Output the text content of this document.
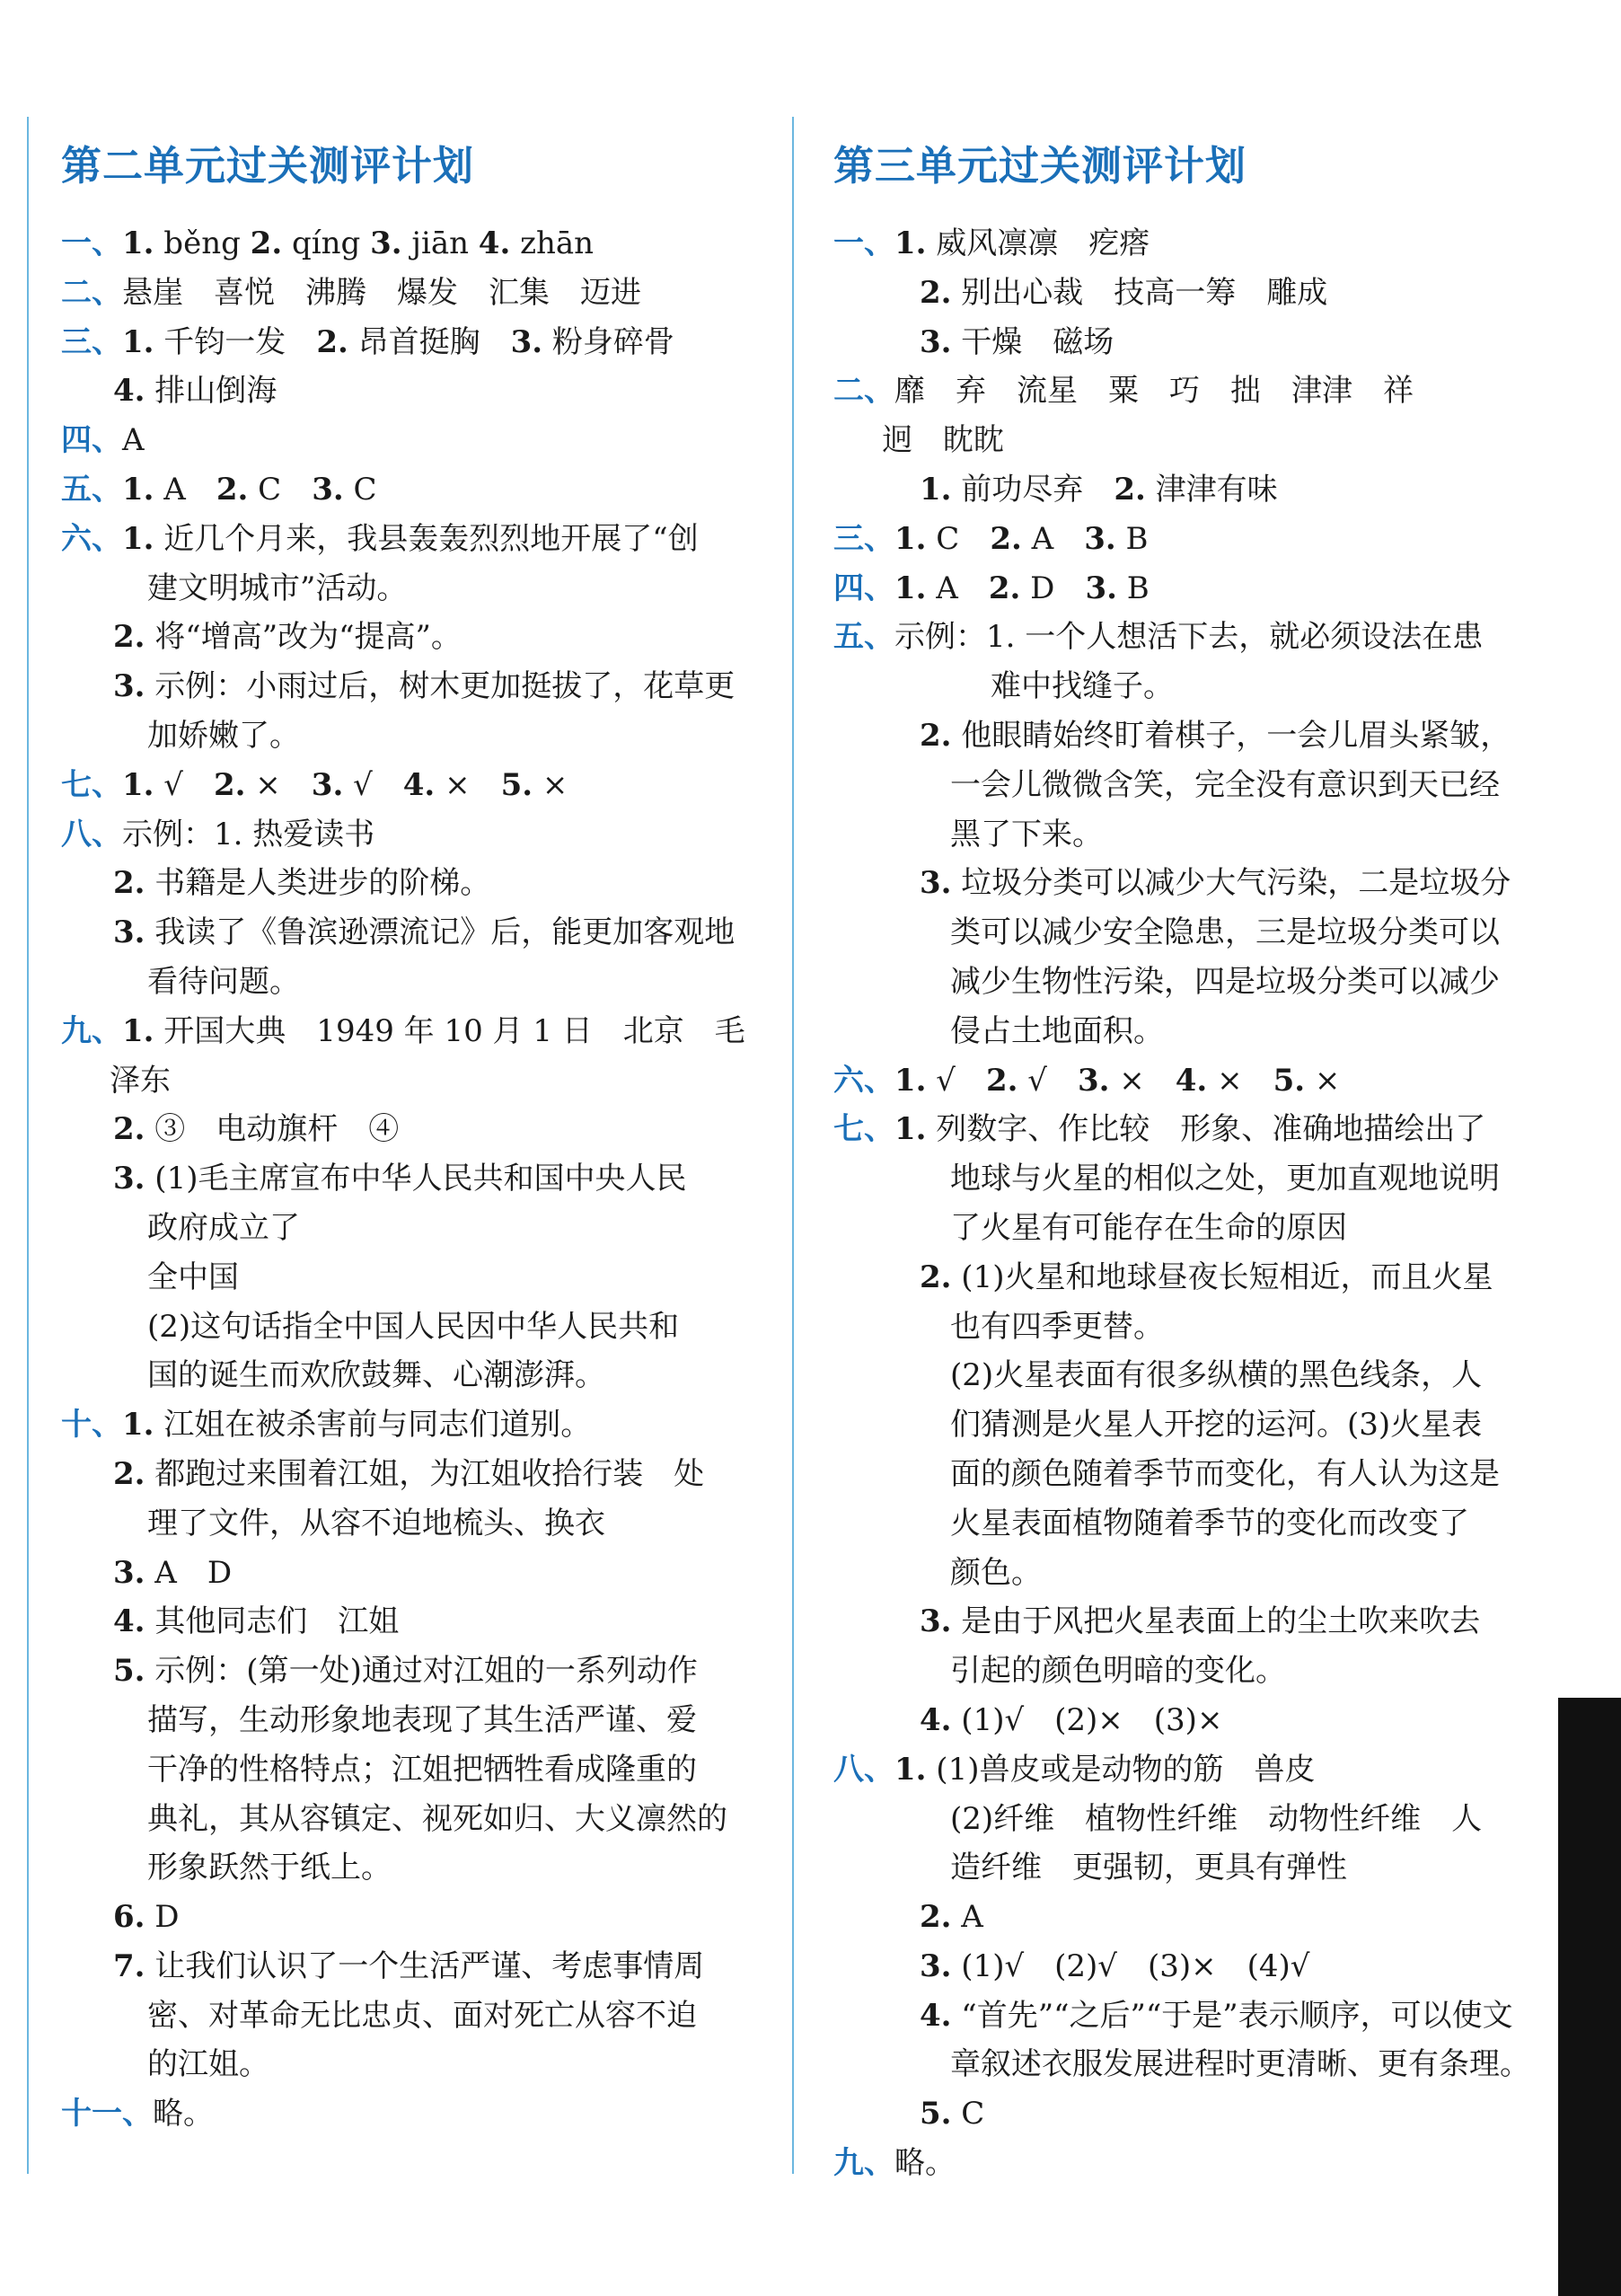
第二单元过关测评计划
一、1. běng 2. qíng 3. jiān 4. zhān
二、悬崖　喜悦　沸腾　爆发　汇集　迈进
三、1. 千钧一发　2. 昂首挺胸　3. 粉身碎骨
4. 排山倒海
四、A
五、1. A　2. C　3. C
六、1. 近几个月来，我县轰轰烈烈地开展了“创
建文明城市”活动。
2. 将“增高”改为“提高”。
3. 示例：小雨过后，树木更加挺拔了，花草更
加娇嫩了。
七、1. √　2. ×　3. √　4. ×　5. ×
八、示例：1. 热爱读书
2. 书籍是人类进步的阶梯。
3. 我读了《鲁滨逊漂流记》后，能更加客观地
看待问题。
九、1. 开国大典　1949 年 10 月 1 日　北京　毛
泽东
2. ③　电动旗杆　④
3. (1)毛主席宣布中华人民共和国中央人民
政府成立了
全中国
(2)这句话指全中国人民因中华人民共和
国的诞生而欢欣鼓舞、心潮澎湃。
十、1. 江姐在被杀害前与同志们道别。
2. 都跑过来围着江姐，为江姐收拾行装　处
理了文件，从容不迫地梳头、换衣
3. A　D
4. 其他同志们　江姐
5. 示例：(第一处)通过对江姐的一系列动作
描写，生动形象地表现了其生活严谨、爱
干净的性格特点；江姐把牺牲看成隆重的
典礼，其从容镇定、视死如归、大义凛然的
形象跃然于纸上。
6. D
7. 让我们认识了一个生活严谨、考虑事情周
密、对革命无比忠贞、面对死亡从容不迫
的江姐。
十一、略。
第三单元过关测评计划
一、1. 威风凛凛　疙瘩
2. 别出心裁　技高一筹　雕成
3. 干燥　磁场
二、靡　弃　流星　粟　巧　拙　津津　祥
迥　眈眈
1. 前功尽弃　2. 津津有味
三、1. C　2. A　3. B
四、1. A　2. D　3. B
五、示例：1. 一个人想活下去，就必须设法在患
难中找缝子。
2. 他眼睛始终盯着棋子，一会儿眉头紧皱，
一会儿微微含笑，完全没有意识到天已经
黑了下来。
3. 垃圾分类可以减少大气污染，二是垃圾分
类可以减少安全隐患，三是垃圾分类可以
减少生物性污染，四是垃圾分类可以减少
侵占土地面积。
六、1. √　2. √　3. ×　4. ×　5. ×
七、1. 列数字、作比较　形象、准确地描绘出了
地球与火星的相似之处，更加直观地说明
了火星有可能存在生命的原因
2. (1)火星和地球昼夜长短相近，而且火星
也有四季更替。
(2)火星表面有很多纵横的黑色线条，人
们猜测是火星人开挖的运河。(3)火星表
面的颜色随着季节而变化，有人认为这是
火星表面植物随着季节的变化而改变了
颜色。
3. 是由于风把火星表面上的尘土吹来吹去
引起的颜色明暗的变化。
4. (1)√　(2)×　(3)×
八、1. (1)兽皮或是动物的筋　兽皮
(2)纤维　植物性纤维　动物性纤维　人
造纤维　更强韧，更具有弹性
2. A
3. (1)√　(2)√　(3)×　(4)√
4. “首先”“之后”“于是”表示顺序，可以使文
章叙述衣服发展进程时更清晰、更有条理。
5. C
九、略。
